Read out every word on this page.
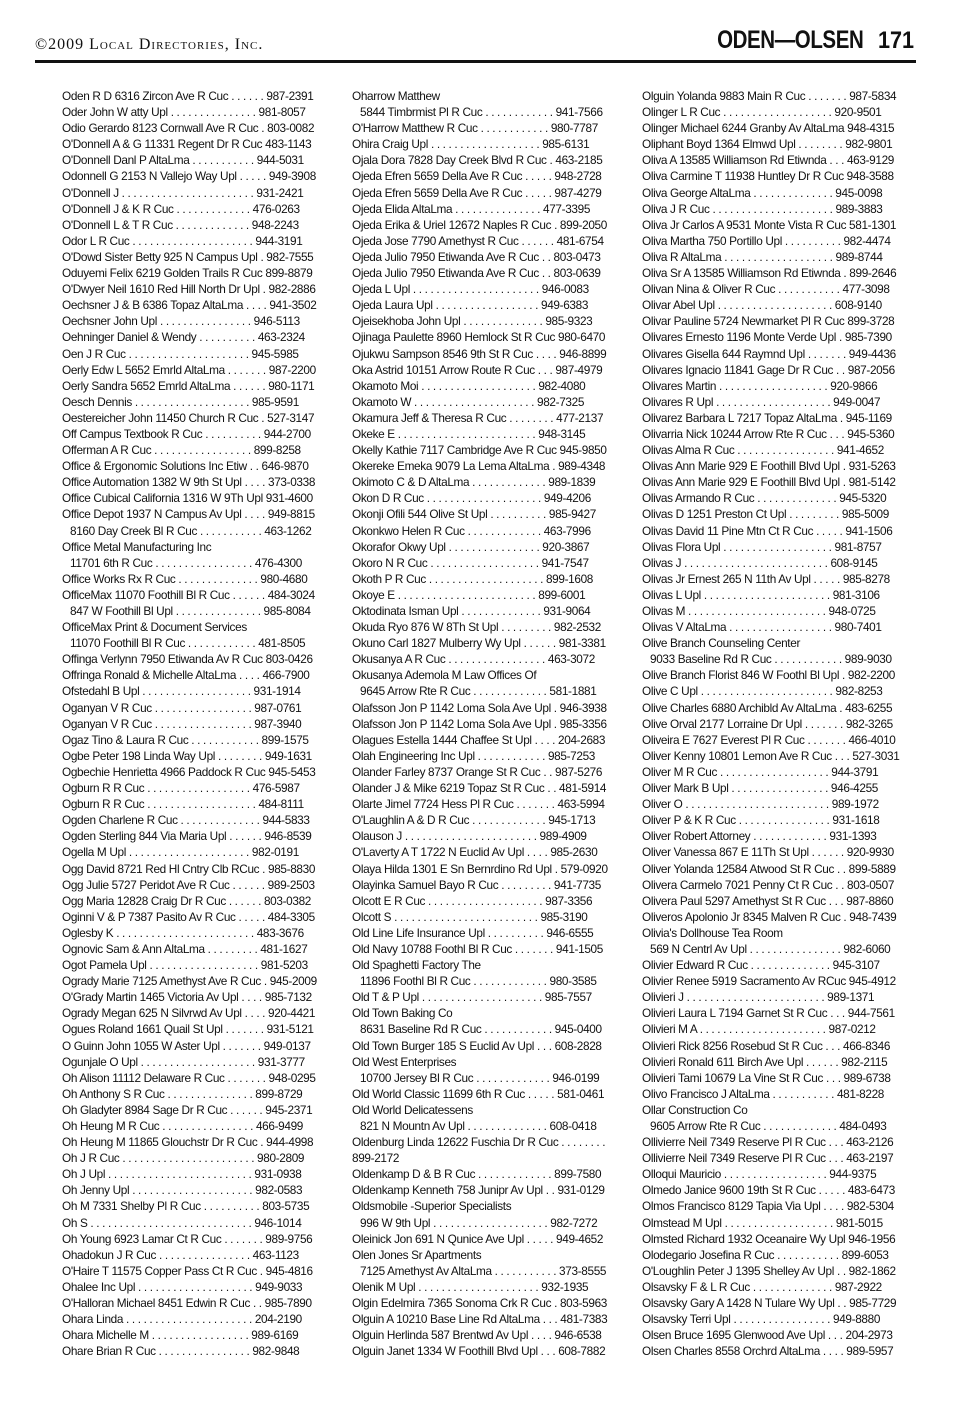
©2009 Local Directories, Inc.	ODEN—OLSEN 171
Oden R D 6316 Zircon Ave R Cuc . . . . . . 987-2391
Oder John W atty Upl . . . . . . . . . . . . . . . 981-8057
Odio Gerardo 8123 Cornwall Ave R Cuc . 803-0082
O'Donnell A & G 11331 Regent Dr R Cuc 483-1143
O'Donnell Danl P AltaLma . . . . . . . . . . . 944-5031
Odonnell G 2153 N Vallejo Way Upl . . . . . 949-3908
O'Donnell J . . . . . . . . . . . . . . . . . . . . . . . 931-2421
O'Donnell J & K R Cuc . . . . . . . . . . . . . 476-0263
O'Donnell L & T R Cuc . . . . . . . . . . . . . 948-2243
Odor L R Cuc . . . . . . . . . . . . . . . . . . . . . 944-3191
O'Dowd Sister Betty 925 N Campus Upl . 982-7555
Oduyemi Felix 6219 Golden Trails R Cuc 899-8879
O'Dwyer Neil 1610 Red Hill North Dr Upl . 982-2886
Oechsner J & B 6386 Topaz AltaLma . . . . 941-3502
Oechsner John Upl . . . . . . . . . . . . . . . . 946-5113
Oehninger Daniel & Wendy . . . . . . . . . . 463-2324
Oen J R Cuc . . . . . . . . . . . . . . . . . . . . . 945-5985
Oerly Edw L 5652 Emrld AltaLma . . . . . . . 987-2200
Oerly Sandra 5652 Emrld AltaLma . . . . . . 980-1171
Oesch Dennis . . . . . . . . . . . . . . . . . . . . 985-9591
Oestereicher John 11450 Church R Cuc . 527-3147
Off Campus Textbook R Cuc . . . . . . . . . . 944-2700
Offerman A R Cuc . . . . . . . . . . . . . . . . . 899-8258
Office & Ergonomic Solutions Inc Etiw . . 646-9870
Office Automation 1382 W 9th St Upl . . . . 373-0338
Office Cubical California 1316 W 9Th Upl 931-4600
Office Depot 1937 N Campus Av Upl . . . . 949-8815
8160 Day Creek Bl R Cuc . . . . . . . . . . . 463-1262
Office Metal Manufacturing Inc
11701 6th R Cuc . . . . . . . . . . . . . . . . . 476-4300
Office Works Rx R Cuc . . . . . . . . . . . . . . 980-4680
OfficeMax 11070 Foothill Bl R Cuc . . . . . . 484-3024
847 W Foothill Bl Upl . . . . . . . . . . . . . . . 985-8084
OfficeMax Print & Document Services
11070 Foothill Bl R Cuc . . . . . . . . . . . . 481-8505
Offinga Verlynn 7950 Etiwanda Av R Cuc 803-0426
Offringa Ronald & Michelle AltaLma . . . . 466-7900
Ofstedahl B Upl . . . . . . . . . . . . . . . . . . . 931-1914
Oganyan V R Cuc . . . . . . . . . . . . . . . . . 987-0761
Oganyan V R Cuc . . . . . . . . . . . . . . . . . 987-3940
Ogaz Tino & Laura R Cuc . . . . . . . . . . . . 899-1575
Ogbe Peter 198 Linda Way Upl . . . . . . . . 949-1631
Ogbechie Henrietta 4966 Paddock R Cuc 945-5453
Ogburn R R Cuc . . . . . . . . . . . . . . . . . . 476-5987
Ogburn R R Cuc . . . . . . . . . . . . . . . . . . . 484-8111
Ogden Charlene R Cuc . . . . . . . . . . . . . . 944-5833
Ogden Sterling 844 Via Maria Upl . . . . . . 946-8539
Ogella M Upl . . . . . . . . . . . . . . . . . . . . . 982-0191
Ogg David 8721 Red Hl Cntry Clb RCuc . 985-8830
Ogg Julie 5727 Peridot Ave R Cuc . . . . . . 989-2503
Ogg Maria 12828 Craig Dr R Cuc . . . . . . 803-0382
Oginni V & P 7387 Pasito Av R Cuc . . . . . 484-3305
Oglesby K . . . . . . . . . . . . . . . . . . . . . . . . 483-3676
Ognovic Sam & Ann AltaLma . . . . . . . . . 481-1627
Ogot Pamela Upl . . . . . . . . . . . . . . . . . . . 981-5203
Ogrady Marie 7125 Amethyst Ave R Cuc . 945-2009
O'Grady Martin 1465 Victoria Av Upl . . . . 985-7132
Ogrady Megan 625 N Silvrwd Av Upl . . . . 920-4421
Ogues Roland 1661 Quail St Upl . . . . . . . 931-5121
O Guinn John 1055 W Aster Upl . . . . . . . 949-0137
Ogunjale O Upl . . . . . . . . . . . . . . . . . . . . 931-3777
Oh Alison 11112 Delaware R Cuc . . . . . . . 948-0295
Oh Anthony S R Cuc . . . . . . . . . . . . . . . 899-8729
Oh Gladyter 8984 Sage Dr R Cuc . . . . . . 945-2371
Oh Heung M R Cuc . . . . . . . . . . . . . . . . 466-9499
Oh Heung M 11865 Glouchstr Dr R Cuc . 944-4998
Oh J R Cuc . . . . . . . . . . . . . . . . . . . . . . . 980-2809
Oh J Upl . . . . . . . . . . . . . . . . . . . . . . . . . 931-0938
Oh Jenny Upl . . . . . . . . . . . . . . . . . . . . . 982-0583
Oh M 7331 Shelby Pl R Cuc . . . . . . . . . . 803-5735
Oh S . . . . . . . . . . . . . . . . . . . . . . . . . . . . 946-1014
Oh Young 6923 Lamar Ct R Cuc . . . . . . . 989-9756
Ohadokun J R Cuc . . . . . . . . . . . . . . . . 463-1123
O'Haire T 11575 Copper Pass Ct R Cuc . 945-4816
Ohalee Inc Upl . . . . . . . . . . . . . . . . . . . . 949-9033
O'Halloran Michael 8451 Edwin R Cuc . . 985-7890
Ohara Linda . . . . . . . . . . . . . . . . . . . . . . 204-2190
Ohara Michelle M . . . . . . . . . . . . . . . . . 989-6169
Ohare Brian R Cuc . . . . . . . . . . . . . . . . 982-9848
Oharrow Matthew
5844 Timbrmist Pl R Cuc . . . . . . . . . . . . 941-7566
O'Harrow Matthew R Cuc . . . . . . . . . . . . 980-7787
Ohira Craig Upl . . . . . . . . . . . . . . . . . . . 985-6131
Ojala Dora 7828 Day Creek Blvd R Cuc . 463-2185
Ojeda Efren 5659 Della Ave R Cuc . . . . . 948-2728
Ojeda Efren 5659 Della Ave R Cuc . . . . . 987-4279
Ojeda Elida AltaLma . . . . . . . . . . . . . . . 477-3395
Ojeda Erika & Uriel 12672 Naples R Cuc . 899-2050
Ojeda Jose 7790 Amethyst R Cuc . . . . . . 481-6754
Ojeda Julio 7950 Etiwanda Ave R Cuc . . 803-0473
Ojeda Julio 7950 Etiwanda Ave R Cuc . . 803-0639
Ojeda L Upl . . . . . . . . . . . . . . . . . . . . . . 946-0083
Ojeda Laura Upl . . . . . . . . . . . . . . . . . . 949-6383
Ojeisekhoba John Upl . . . . . . . . . . . . . . 985-9323
Ojinaga Paulette 8960 Hemlock St R Cuc 980-6470
Ojukwu Sampson 8546 9th St R Cuc . . . . 946-8899
Oka Astrid 10151 Arrow Route R Cuc . . . 987-4979
Okamoto Moi . . . . . . . . . . . . . . . . . . . . 982-4080
Okamoto W . . . . . . . . . . . . . . . . . . . . . 982-7325
Okamura Jeff & Theresa R Cuc . . . . . . . . 477-2137
Okeke E . . . . . . . . . . . . . . . . . . . . . . . . 948-3145
Okelly Kathie 7117 Cambridge Ave R Cuc 945-9850
Okereke Emeka 9079 La Lema AltaLma . 989-4348
Okimoto C & D AltaLma . . . . . . . . . . . . . 989-1839
Okon D R Cuc . . . . . . . . . . . . . . . . . . . . 949-4206
Okonji Ofili 544 Olive St Upl . . . . . . . . . . 985-9427
Okonkwo Helen R Cuc . . . . . . . . . . . . . 463-7996
Okorafor Okwy Upl . . . . . . . . . . . . . . . . 920-3867
Okoro N R Cuc . . . . . . . . . . . . . . . . . . . 941-7547
Okoth P R Cuc . . . . . . . . . . . . . . . . . . . . 899-1608
Okoye E . . . . . . . . . . . . . . . . . . . . . . . . 899-6001
Oktodinata Isman Upl . . . . . . . . . . . . . . 931-9064
Okuda Ryo 876 W 8Th St Upl . . . . . . . . . 982-2532
Okuno Carl 1827 Mulberry Wy Upl . . . . . . 981-3381
Okusanya A R Cuc . . . . . . . . . . . . . . . . . 463-3072
Okusanya Ademola M Law Offices Of
9645 Arrow Rte R Cuc . . . . . . . . . . . . . 581-1881
Olafsson Jon P 1142 Loma Sola Ave Upl . 946-3938
Olafsson Jon P 1142 Loma Sola Ave Upl . 985-3356
Olagues Estella 1444 Chaffee St Upl . . . . 204-2683
Olah Engineering Inc Upl . . . . . . . . . . . . 985-7253
Olander Farley 8737 Orange St R Cuc . . 987-5276
Olander J & Mike 6219 Topaz St R Cuc . . 481-5914
Olarte Jimel 7724 Hess Pl R Cuc . . . . . . . 463-5994
O'Laughlin A & D R Cuc . . . . . . . . . . . . . 945-1713
Olauson J . . . . . . . . . . . . . . . . . . . . . . . 989-4909
O'Laverty A T 1722 N Euclid Av Upl . . . . 985-2630
Olaya Hilda 1301 E Sn Bernrdino Rd Upl . 579-0920
Olayinka Samuel Bayo R Cuc . . . . . . . . . 941-7735
Olcott E R Cuc . . . . . . . . . . . . . . . . . . . . 987-3356
Olcott S . . . . . . . . . . . . . . . . . . . . . . . . . 985-3190
Old Line Life Insurance Upl . . . . . . . . . . 946-6555
Old Navy 10788 Foothl Bl R Cuc . . . . . . . 941-1505
Old Spaghetti Factory The
11896 Foothl Bl R Cuc . . . . . . . . . . . . . 980-3585
Old T & P Upl . . . . . . . . . . . . . . . . . . . . . 985-7557
Old Town Baking Co
8631 Baseline Rd R Cuc . . . . . . . . . . . . 945-0400
Old Town Burger 185 S Euclid Av Upl . . . 608-2828
Old West Enterprises
10700 Jersey Bl R Cuc . . . . . . . . . . . . . 946-0199
Old World Classic 11699 6th R Cuc . . . . . 581-0461
Old World Delicatessens
821 N Mountn Av Upl . . . . . . . . . . . . . . 608-0418
Oldenburg Linda 12622 Fuschia Dr R Cuc . . . . . . . .
899-2172
Oldenkamp D & B R Cuc . . . . . . . . . . . . . 899-7580
Oldenkamp Kenneth 758 Junipr Av Upl . . 931-0129
Oldsmobile -Superior Specialists
996 W 9th Upl . . . . . . . . . . . . . . . . . . . . 982-7272
Oleinick Jon 691 N Qunice Ave Upl . . . . . 949-4652
Olen Jones Sr Apartments
7125 Amethyst Av AltaLma . . . . . . . . . . . 373-8555
Olenik M Upl . . . . . . . . . . . . . . . . . . . . . 932-1935
Olgin Edelmira 7365 Sonoma Crk R Cuc . 803-5963
Olguin A 10210 Base Line Rd AltaLma . . . 481-7383
Olguin Herlinda 587 Brentwd Av Upl . . . . 946-6538
Olguin Janet 1334 W Foothill Blvd Upl . . . 608-7882
Olguin Yolanda 9883 Main R Cuc . . . . . . . 987-5834
Olinger L R Cuc . . . . . . . . . . . . . . . . . . . 920-9501
Olinger Michael 6244 Granby Av AltaLma 948-4315
Oliphant Boyd 1364 Elmwd Upl . . . . . . . . 982-9801
Oliva A 13585 Williamson Rd Etiwnda . . . 463-9129
Oliva Carmine T 11938 Huntley Dr R Cuc 948-3588
Oliva George AltaLma . . . . . . . . . . . . . . 945-0098
Oliva J R Cuc . . . . . . . . . . . . . . . . . . . . . 989-3883
Oliva Jr Carlos A 9531 Monte Vista R Cuc 581-1301
Oliva Martha 750 Portillo Upl . . . . . . . . . . 982-4474
Oliva R AltaLma . . . . . . . . . . . . . . . . . . . 989-8744
Oliva Sr A 13585 Williamson Rd Etiwnda . 899-2646
Olivan Nina & Oliver R Cuc . . . . . . . . . . . 477-3098
Olivar Abel Upl . . . . . . . . . . . . . . . . . . . . 608-9140
Olivar Pauline 5724 Newmarket Pl R Cuc 899-3728
Olivares Ernesto 1196 Monte Verde Upl . 985-7390
Olivares Gisella 644 Raymnd Upl . . . . . . . 949-4436
Olivares Ignacio 11841 Gage Dr R Cuc . . 987-2056
Olivares Martin . . . . . . . . . . . . . . . . . . . 920-9866
Olivares R Upl . . . . . . . . . . . . . . . . . . . . 949-0047
Olivarez Barbara L 7217 Topaz AltaLma . 945-1169
Olivarria Nick 10244 Arrow Rte R Cuc . . . 945-5360
Olivas Alma R Cuc . . . . . . . . . . . . . . . . . 941-4652
Olivas Ann Marie 929 E Foothill Blvd Upl . 931-5263
Olivas Ann Marie 929 E Foothill Blvd Upl . 981-5142
Olivas Armando R Cuc . . . . . . . . . . . . . . 945-5320
Olivas D 1251 Preston Ct Upl . . . . . . . . . 985-5009
Olivas David 11 Pine Mtn Ct R Cuc . . . . . 941-1506
Olivas Flora Upl . . . . . . . . . . . . . . . . . . . 981-8757
Olivas J . . . . . . . . . . . . . . . . . . . . . . . . . 608-9145
Olivas Jr Ernest 265 N 11th Av Upl . . . . . 985-8278
Olivas L Upl . . . . . . . . . . . . . . . . . . . . . . 981-3106
Olivas M . . . . . . . . . . . . . . . . . . . . . . . . 948-0725
Olivas V AltaLma . . . . . . . . . . . . . . . . . . 980-7401
Olive Branch Counseling Center
9033 Baseline Rd R Cuc . . . . . . . . . . . . 989-9030
Olive Branch Florist 846 W Foothl Bl Upl . 982-2200
Olive C Upl . . . . . . . . . . . . . . . . . . . . . . . 982-8253
Olive Charles 6880 Archibld Av AltaLma . 483-6255
Olive Orval 2177 Lorraine Dr Upl . . . . . . . 982-3265
Oliveira E 7627 Everest Pl R Cuc . . . . . . . 466-4010
Oliver Kenny 10801 Lemon Ave R Cuc . . . 527-3031
Oliver M R Cuc . . . . . . . . . . . . . . . . . . . 944-3791
Oliver Mark B Upl . . . . . . . . . . . . . . . . . 946-4255
Oliver O . . . . . . . . . . . . . . . . . . . . . . . . . 989-1972
Oliver P & K R Cuc . . . . . . . . . . . . . . . . 931-1618
Oliver Robert Attorney . . . . . . . . . . . . . 931-1393
Oliver Vanessa 867 E 11Th St Upl . . . . . . 920-9930
Oliver Yolanda 12584 Atwood St R Cuc . . 899-5889
Olivera Carmelo 7021 Penny Ct R Cuc . . 803-0507
Olivera Paul 5297 Amethyst St R Cuc . . . 987-8860
Oliveros Apolonio Jr 8345 Malven R Cuc . 948-7439
Olivia's Dollhouse Tea Room
569 N Centrl Av Upl . . . . . . . . . . . . . . . . 982-6060
Olivier Edward R Cuc . . . . . . . . . . . . . . 945-3107
Olivier Renee 5919 Sacramento Av RCuc 945-4912
Olivieri J . . . . . . . . . . . . . . . . . . . . . . . . 989-1371
Olivieri Laura L 7194 Garnet St R Cuc . . . 944-7561
Olivieri M A . . . . . . . . . . . . . . . . . . . . . . 987-0212
Olivieri Rick 8256 Rosebud St R Cuc . . . 466-8346
Olivieri Ronald 611 Birch Ave Upl . . . . . . 982-2115
Olivieri Tami 10679 La Vine St R Cuc . . . 989-6738
Olivo Francisco J AltaLma . . . . . . . . . . . 481-8228
Ollar Construction Co
9605 Arrow Rte R Cuc . . . . . . . . . . . . . 484-0493
Ollivierre Neil 7349 Reserve Pl R Cuc . . . 463-2126
Ollivierre Neil 7349 Reserve Pl R Cuc . . . 463-2197
Olloqui Mauricio . . . . . . . . . . . . . . . . . . 944-9375
Olmedo Janice 9600 19th St R Cuc . . . . . 483-6473
Olmos Francisco 8129 Tapia Via Upl . . . . 982-5304
Olmstead M Upl . . . . . . . . . . . . . . . . . . . 981-5015
Olmsted Richard 1932 Oceanaire Wy Upl 946-1956
Olodegario Josefina R Cuc . . . . . . . . . . . 899-6053
O'Loughlin Peter J 1395 Shelley Av Upl . . 982-1862
Olsavsky F & L R Cuc . . . . . . . . . . . . . . 987-2922
Olsavsky Gary A 1428 N Tulare Wy Upl . . 985-7729
Olsavsky Terri Upl . . . . . . . . . . . . . . . . . 949-8880
Olsen Bruce 1695 Glenwood Ave Upl . . . 204-2973
Olsen Charles 8558 Orchrd AltaLma . . . . 989-5957
